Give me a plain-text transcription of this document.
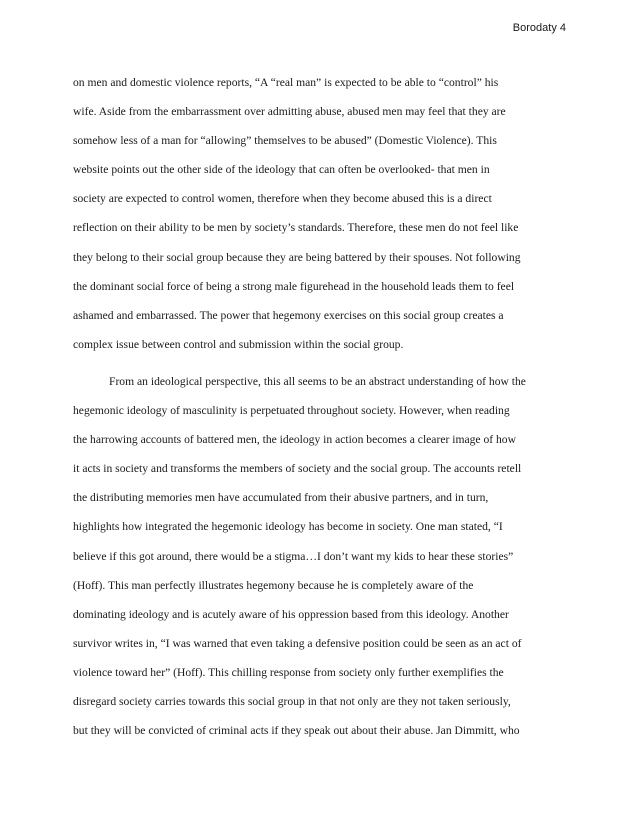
Borodaty 4
on men and domestic violence reports, “A “real man” is expected to be able to “control” his
wife. Aside from the embarrassment over admitting abuse, abused men may feel that they are
somehow less of a man for “allowing” themselves to be abused” (Domestic Violence). This
website points out the other side of the ideology that can often be overlooked- that men in
society are expected to control women, therefore when they become abused this is a direct
reflection on their ability to be men by society’s standards. Therefore, these men do not feel like
they belong to their social group because they are being battered by their spouses. Not following
the dominant social force of being a strong male figurehead in the household leads them to feel
ashamed and embarrassed. The power that hegemony exercises on this social group creates a
complex issue between control and submission within the social group.
From an ideological perspective, this all seems to be an abstract understanding of how the
hegemonic ideology of masculinity is perpetuated throughout society. However, when reading
the harrowing accounts of battered men, the ideology in action becomes a clearer image of how
it acts in society and transforms the members of society and the social group. The accounts retell
the distributing memories men have accumulated from their abusive partners, and in turn,
highlights how integrated the hegemonic ideology has become in society. One man stated, “I
believe if this got around, there would be a stigma…I don’t want my kids to hear these stories”
(Hoff). This man perfectly illustrates hegemony because he is completely aware of the
dominating ideology and is acutely aware of his oppression based from this ideology. Another
survivor writes in, “I was warned that even taking a defensive position could be seen as an act of
violence toward her” (Hoff). This chilling response from society only further exemplifies the
disregard society carries towards this social group in that not only are they not taken seriously,
but they will be convicted of criminal acts if they speak out about their abuse. Jan Dimmitt, who
